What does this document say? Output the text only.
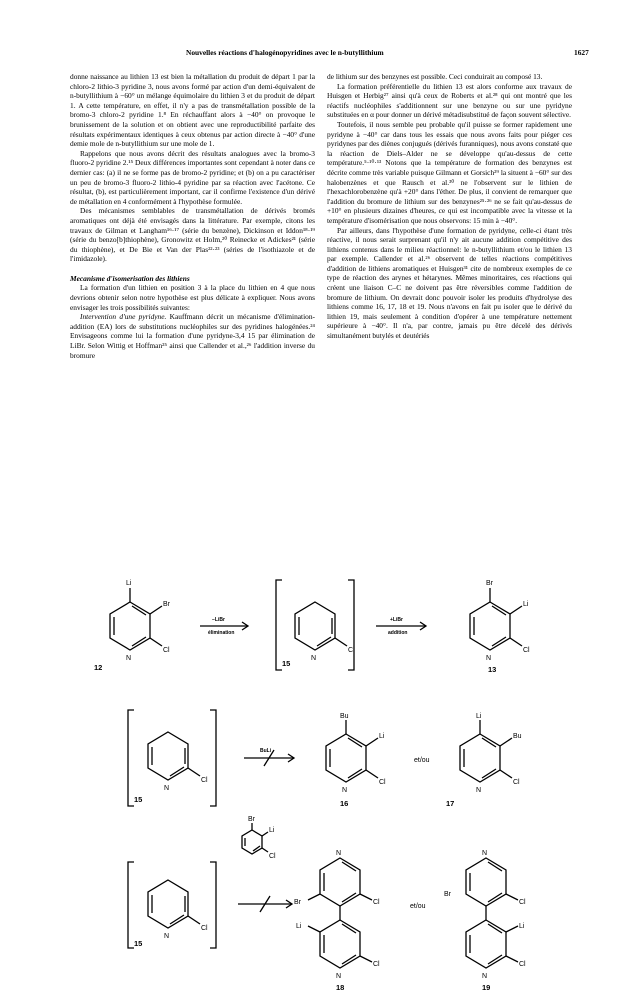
Nouvelles réactions d'halogénopyridines avec le n-butyllithium	1627

donne naissance au lithien 13 est bien la métallation du produit de départ 1 par la chloro-2 lithio-3 pyridine 3, nous avons formé par action d'un demi-équivalent de n-butyllithium à −60° un mélange équimolaire du lithien 3 et du produit de départ 1. A cette température, en effet, il n'y a pas de transmétallation possible de la bromo-3 chloro-2 pyridine 1.⁸ En réchauffant alors à −40° on provoque le brunissement de la solution et on obtient avec une reproductibilité parfaite des résultats expérimentaux identiques à ceux obtenus par action directe à −40° d'une demie mole de n-butyllithium sur une mole de 1.

Rappelons que nous avons décrit des résultats analogues avec la bromo-3 fluoro-2 pyridine 2.¹⁵ Deux différences importantes sont cependant à noter dans ce dernier cas: (a) il ne se forme pas de bromo-2 pyridine; et (b) on a pu caractériser un peu de bromo-3 fluoro-2 lithio-4 pyridine par sa réaction avec l'acétone. Ce résultat, (b), est particulièrement important, car il confirme l'existence d'un dérivé de métallation en 4 conformément à l'hypothèse formulée.

Des mécanismes semblables de transmétallation de dérivés bromés aromatiques ont déjà été envisagés dans la littérature. Par exemple, citons les travaux de Gilman et Langham¹⁶·¹⁷ (série du benzène), Dickinson et Iddon¹⁸·¹⁹ (série du benzo[b]thiophène), Gronowitz et Holm,²⁰ Reinecke et Adickes²¹ (série du thiophène), et De Bie et Van der Plas²²·²³ (séries de l'isothiazole et de l'imidazole).

Mecanisme d'isomerisation des lithiens

La formation d'un lithien en position 3 à la place du lithien en 4 que nous devrions obtenir selon notre hypothèse est plus délicate à expliquer. Nous avons envisager les trois possibilités suivantes:

Intervention d'une pyridyne. Kauffmann décrit un mécanisme d'élimination-addition (EA) lors de substitutions nucléophiles sur des pyridines halogénées.²⁴ Envisageons comme lui la formation d'une pyridyne-3,4 15 par élimination de LiBr. Selon Wittig et Hoffman²⁵ ainsi que Callender et al.,²⁶ l'addition inverse du bromure

de lithium sur des benzynes est possible. Ceci conduirait au composé 13.

La formation préférentielle du lithien 13 est alors conforme aux travaux de Huisgen et Herbig²⁷ ainsi qu'à ceux de Roberts et al.²⁸ qui ont montré que les réactifs nucléophiles s'additionnent sur une benzyne ou sur une pyridyne substituées en α pour donner un dérivé métadisubstitué de façon souvent sélective.

Toutefois, il nous semble peu probable qu'il puisse se former rapidement une pyridyne à −40° car dans tous les essais que nous avons faits pour piéger ces pyridynes par des diènes conjugués (dérivés furanniques), nous avons constaté que la réaction de Diels–Alder ne se développe qu'au-dessus de cette température.⁵·¹⁰·¹³ Notons que la température de formation des benzynes est décrite comme très variable puisque Gilmann et Gorsich²⁹ la situent à −60° sur des halobenzènes et que Rausch et al.³⁰ ne l'observent sur le lithien de l'hexachlorobenzène qu'à +20° dans l'éther. De plus, il convient de remarquer que l'addition du bromure de lithium sur des benzynes²⁵·²⁶ ne se fait qu'au-dessus de +10° en plusieurs dizaines d'heures, ce qui est incompatible avec la vitesse et la température d'isomérisation que nous observons: 15 min à −40°.

Par ailleurs, dans l'hypothèse d'une formation de pyridyne, celle-ci étant très réactive, il nous serait surprenant qu'il n'y ait aucune addition compétitive des lithiens contenus dans le milieu réactionnel: le n-butyllithium et/ou le lithien 13 par exemple. Callender et al.²⁶ observent de telles réactions compétitives d'addition de lithiens aromatiques et Huisgen³¹ cite de nombreux exemples de ce type de réaction des arynes et hétarynes. Mêmes minoritaires, ces réactions qui créent une liaison C–C ne doivent pas être réversibles comme l'addition de bromure de lithium. On devrait donc pouvoir isoler les produits d'hydrolyse des lithiens comme 16, 17, 18 et 19. Nous n'avons en fait pu isoler que le dérivé du lithien 19, mais seulement à condition d'opérer à une température nettement supérieure à −40°. Il n'a, par contre, jamais pu être décelé des dérivés simultanément butylés et deutériés

Li
Br
Cl
N
12
−LiBr
élimination
N
Cl
15
+LiBr
addition
Br
Li
Cl
N
13
N
Cl
15
BuLi
Bu
Li
Cl
N
16
et/ou
Li
Bu
Cl
N
17
N
Cl
15
Br
Li
Cl	N
Br	Cl
Li
Cl
N
18
et/ou
Br
N
Cl
Li
Cl
N
19
